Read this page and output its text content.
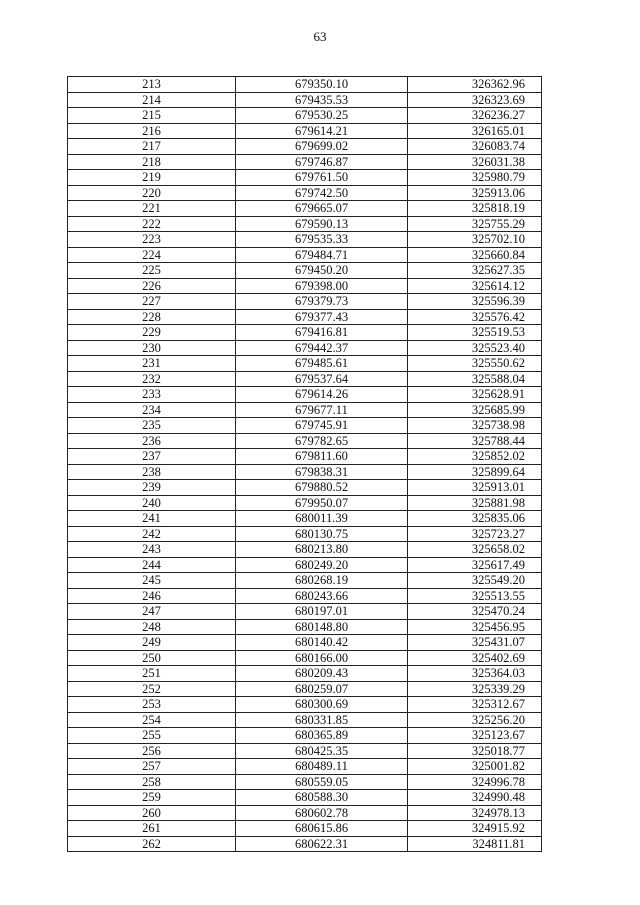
63
213	679350.10	326362.96
214	679435.53	326323.69
215	679530.25	326236.27
216	679614.21	326165.01
217	679699.02	326083.74
218	679746.87	326031.38
219	679761.50	325980.79
220	679742.50	325913.06
221	679665.07	325818.19
222	679590.13	325755.29
223	679535.33	325702.10
224	679484.71	325660.84
225	679450.20	325627.35
226	679398.00	325614.12
227	679379.73	325596.39
228	679377.43	325576.42
229	679416.81	325519.53
230	679442.37	325523.40
231	679485.61	325550.62
232	679537.64	325588.04
233	679614.26	325628.91
234	679677.11	325685.99
235	679745.91	325738.98
236	679782.65	325788.44
237	679811.60	325852.02
238	679838.31	325899.64
239	679880.52	325913.01
240	679950.07	325881.98
241	680011.39	325835.06
242	680130.75	325723.27
243	680213.80	325658.02
244	680249.20	325617.49
245	680268.19	325549.20
246	680243.66	325513.55
247	680197.01	325470.24
248	680148.80	325456.95
249	680140.42	325431.07
250	680166.00	325402.69
251	680209.43	325364.03
252	680259.07	325339.29
253	680300.69	325312.67
254	680331.85	325256.20
255	680365.89	325123.67
256	680425.35	325018.77
257	680489.11	325001.82
258	680559.05	324996.78
259	680588.30	324990.48
260	680602.78	324978.13
261	680615.86	324915.92
262	680622.31	324811.81
